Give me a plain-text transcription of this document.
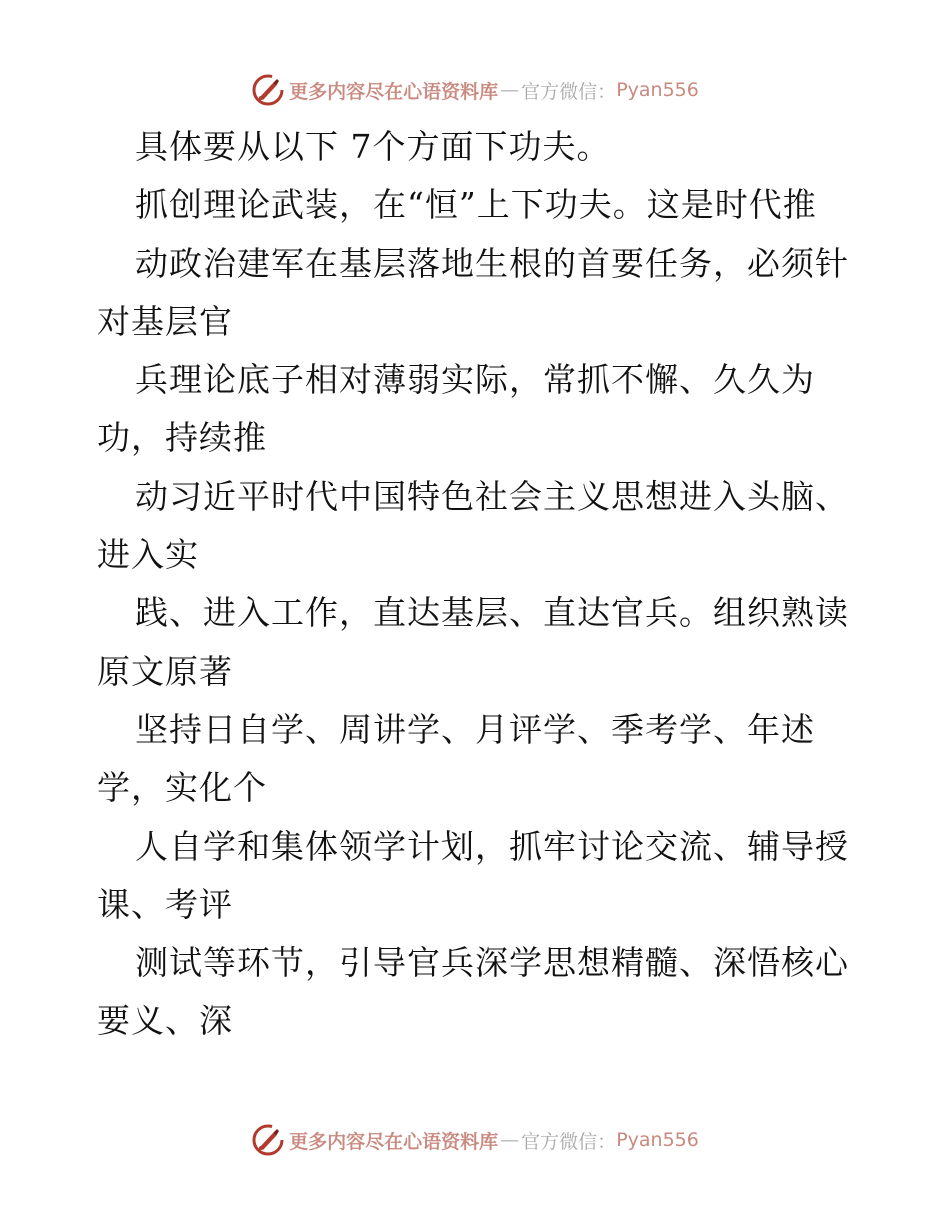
更多内容尽在心语资料库 — 官方微信： Pyan556
具体要从以下 7个方面下功夫。
抓创理论武装，在“恒”上下功夫。这是时代推
动政治建军在基层落地生根的首要任务，必须针
对基层官
兵理论底子相对薄弱实际，常抓不懈、久久为
功，持续推
动习近平时代中国特色社会主义思想进入头脑、
进入实
践、进入工作，直达基层、直达官兵。组织熟读
原文原著
坚持日自学、周讲学、月评学、季考学、年述
学，实化个
人自学和集体领学计划，抓牢讨论交流、辅导授
课、考评
测试等环节，引导官兵深学思想精髓、深悟核心
要义、深
更多内容尽在心语资料库 — 官方微信： Pyan556
